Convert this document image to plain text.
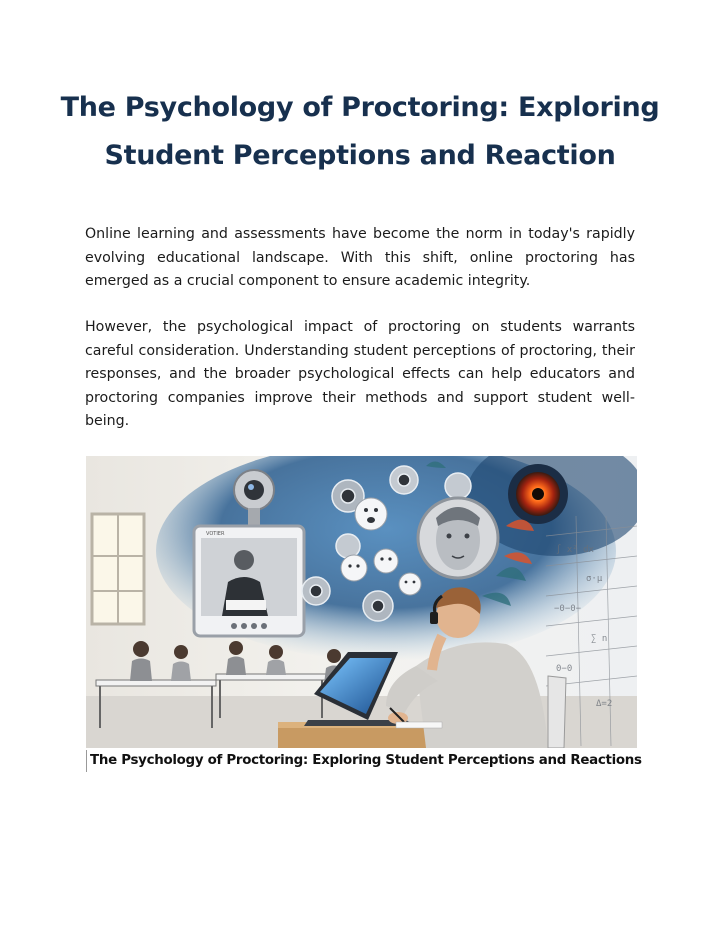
The Psychology of Proctoring: Exploring Student Perceptions and Reaction

Online learning and assessments have become the norm in today's rapidly evolving educational landscape. With this shift, online proctoring has emerged as a crucial component to ensure academic integrity.

However, the psychological impact of proctoring on students warrants careful consideration. Understanding student perceptions of proctoring, their responses, and the broader psychological effects can help educators and proctoring companies improve their methods and support student well-being.

∫ x² dx
σ·μ
−0−0−
∑ n
0−0
Δ=2
VOTIER
The Psychology of Proctoring: Exploring Student Perceptions and Reactions
